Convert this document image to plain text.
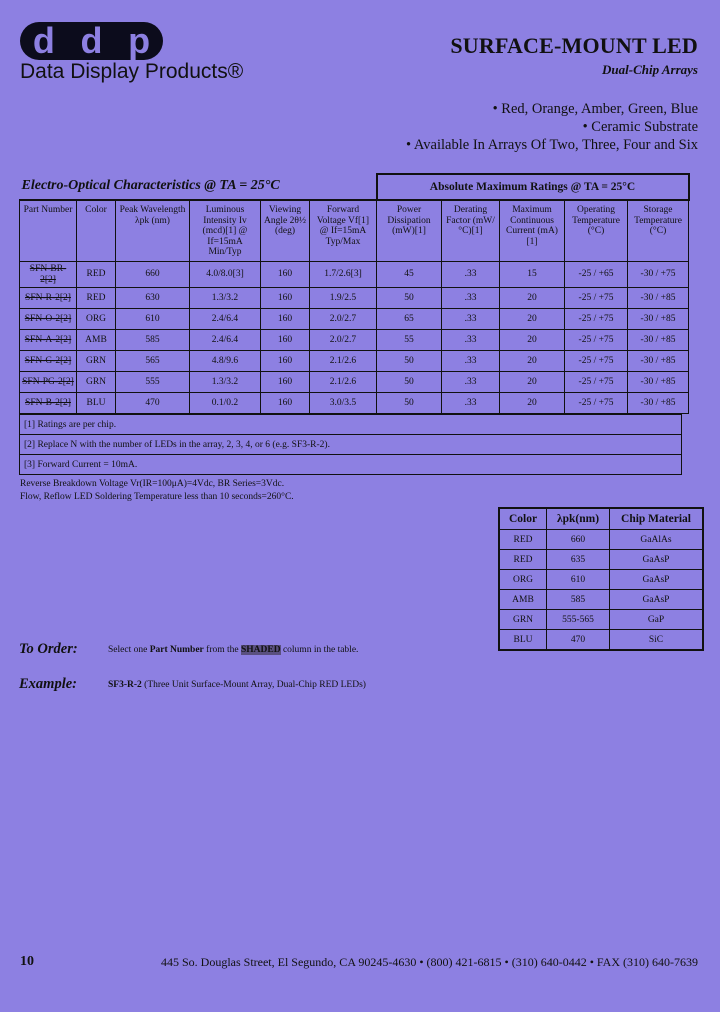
d d p
Data Display Products®
SURFACE-MOUNT LED
Dual-Chip Arrays
• Red, Orange, Amber, Green, Blue
• Ceramic Substrate
• Available In Arrays Of Two, Three, Four and Six
Electro-Optical Characteristics @ TA = 25°C						Absolute Maximum Ratings @ TA = 25°C				
Part Number	Color	Peak Wavelength λpk (nm)	Luminous Intensity Iv (mcd)[1] @ If=15mA Min/Typ	Viewing Angle 2θ½ (deg)	Forward Voltage Vf[1] @ If=15mA Typ/Max	Power Dissipation (mW)[1]	Derating Factor (mW/°C)[1]	Maximum Continuous Current (mA)[1]	Operating Temperature (°C)	Storage Temperature (°C)
SFN-BR-2[2]	RED	660	4.0/8.0[3]	160	1.7/2.6[3]	45	.33	15	-25 / +65	-30 / +75
SFN-R-2[2]	RED	630	1.3/3.2	160	1.9/2.5	50	.33	20	-25 / +75	-30 / +85
SFN-O-2[2]	ORG	610	2.4/6.4	160	2.0/2.7	65	.33	20	-25 / +75	-30 / +85
SFN-A-2[2]	AMB	585	2.4/6.4	160	2.0/2.7	55	.33	20	-25 / +75	-30 / +85
SFN-G-2[2]	GRN	565	4.8/9.6	160	2.1/2.6	50	.33	20	-25 / +75	-30 / +85
SFN-PG-2[2]	GRN	555	1.3/3.2	160	2.1/2.6	50	.33	20	-25 / +75	-30 / +85
SFN-B-2[2]	BLU	470	0.1/0.2	160	3.0/3.5	50	.33	20	-25 / +75	-30 / +85
[1] Ratings are per chip.
[2] Replace N with the number of LEDs in the array, 2, 3, 4, or 6 (e.g. SF3-R-2).
[3] Forward Current = 10mA.
Reverse Breakdown Voltage Vr(IR=100μA)=4Vdc, BR Series=3Vdc.
Flow, Reflow LED Soldering Temperature less than 10 seconds=260°C.
Color	λpk(nm)	Chip Material
RED	660	GaAlAs
RED	635	GaAsP
ORG	610	GaAsP
AMB	585	GaAsP
GRN	555-565	GaP
BLU	470	SiC
To Order:	Select one Part Number from the SHADED column in the table.
Example:	SF3-R-2 (Three Unit Surface-Mount Array, Dual-Chip RED LEDs)
10	445 So. Douglas Street, El Segundo, CA 90245-4630 • (800) 421-6815 • (310) 640-0442 • FAX (310) 640-7639
